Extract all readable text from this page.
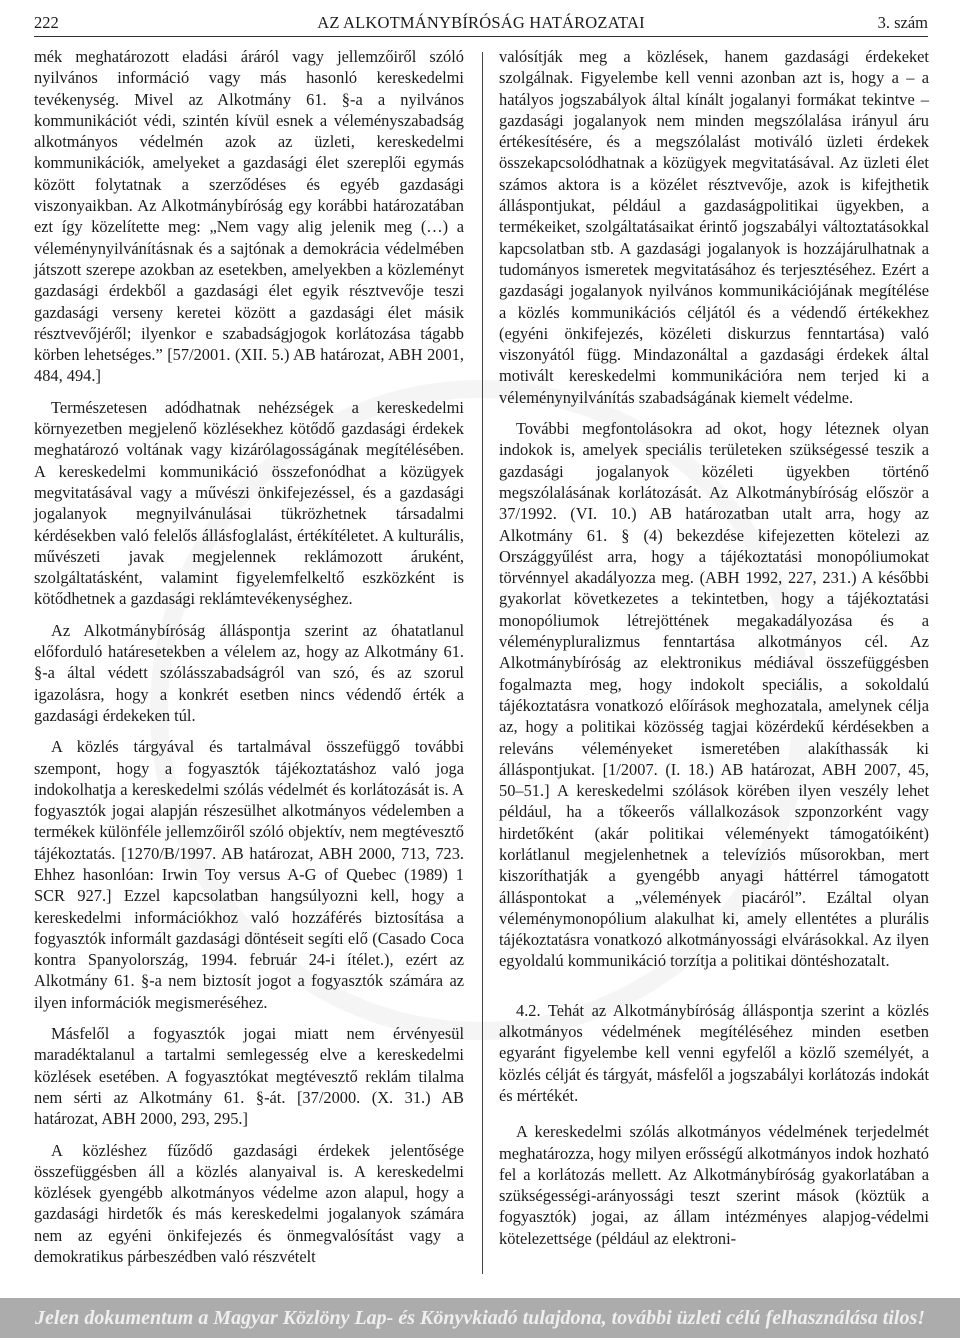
222	AZ ALKOTMÁNYBÍRÓSÁG HATÁROZATAI	3. szám

mék meghatározott eladási áráról vagy jellemzőiről szóló nyilvános információ vagy más hasonló kereskedelmi tevékenység. Mivel az Alkotmány 61. §-a a nyilvános kommunikációt védi, szintén kívül esnek a véleményszabadság alkotmányos védelmén azok az üzleti, kereskedelmi kommunikációk, amelyeket a gazdasági élet szereplői egymás között folytatnak a szerződéses és egyéb gazdasági viszonyaikban. Az Alkotmánybíróság egy korábbi határozatában ezt így közelítette meg: „Nem vagy alig jelenik meg (…) a véleménynyilvánításnak és a sajtónak a demokrácia védelmében játszott szerepe azokban az esetekben, amelyekben a közleményt gazdasági érdekből a gazdasági élet egyik résztvevője teszi gazdasági verseny keretei között a gazdasági élet másik résztvevőjéről; ilyenkor e szabadságjogok korlátozása tágabb körben lehetséges.” [57/2001. (XII. 5.) AB határozat, ABH 2001, 484, 494.]

Természetesen adódhatnak nehézségek a kereskedelmi környezetben megjelenő közlésekhez kötődő gazdasági érdekek meghatározó voltának vagy kizárólagosságának megítélésében. A kereskedelmi kommunikáció összefonódhat a közügyek megvitatásával vagy a művészi önkifejezéssel, és a gazdasági jogalanyok megnyilvánulásai tükrözhetnek társadalmi kérdésekben való felelős állásfoglalást, értékítéletet. A kulturális, művészeti javak megjelennek reklámozott áruként, szolgáltatásként, valamint figyelemfelkeltő eszközként is kötődhetnek a gazdasági reklámtevékenységhez.

Az Alkotmánybíróság álláspontja szerint az óhatatlanul előforduló határesetekben a vélelem az, hogy az Alkotmány 61. §-a által védett szólásszabadságról van szó, és az szorul igazolásra, hogy a konkrét esetben nincs védendő érték a gazdasági érdekeken túl.

A közlés tárgyával és tartalmával összefüggő további szempont, hogy a fogyasztók tájékoztatáshoz való joga indokolhatja a kereskedelmi szólás védelmét és korlátozását is. A fogyasztók jogai alapján részesülhet alkotmányos védelemben a termékek különféle jellemzőiről szóló objektív, nem megtévesztő tájékoztatás. [1270/B/1997. AB határozat, ABH 2000, 713, 723. Ehhez hasonlóan: Irwin Toy versus A-G of Quebec (1989) 1 SCR 927.] Ezzel kapcsolatban hangsúlyozni kell, hogy a kereskedelmi információkhoz való hozzáférés biztosítása a fogyasztók informált gazdasági döntéseit segíti elő (Casado Coca kontra Spanyolország, 1994. február 24-i ítélet.), ezért az Alkotmány 61. §-a nem biztosít jogot a fogyasztók számára az ilyen információk megismeréséhez.

Másfelől a fogyasztók jogai miatt nem érvényesül maradéktalanul a tartalmi semlegesség elve a kereskedelmi közlések esetében. A fogyasztókat megtévesztő reklám tilalma nem sérti az Alkotmány 61. §-át. [37/2000. (X. 31.) AB határozat, ABH 2000, 293, 295.]

A közléshez fűződő gazdasági érdekek jelentősége összefüggésben áll a közlés alanyaival is. A kereskedelmi közlések gyengébb alkotmányos védelme azon alapul, hogy a gazdasági hirdetők és más kereskedelmi jogalanyok számára nem az egyéni önkifejezés és önmegvalósítást vagy a demokratikus párbeszédben való részvételt

valósítják meg a közlések, hanem gazdasági érdekeket szolgálnak. Figyelembe kell venni azonban azt is, hogy a – a hatályos jogszabályok által kínált jogalanyi formákat tekintve – gazdasági jogalanyok nem minden megszólalása irányul áru értékesítésére, és a megszólalást motiváló üzleti érdekek összekapcsolódhatnak a közügyek megvitatásával. Az üzleti élet számos aktora is a közélet résztvevője, azok is kifejthetik álláspontjukat, például a gazdaságpolitikai ügyekben, a termékeiket, szolgáltatásaikat érintő jogszabályi változtatásokkal kapcsolatban stb. A gazdasági jogalanyok is hozzájárulhatnak a tudományos ismeretek megvitatásához és terjesztéséhez. Ezért a gazdasági jogalanyok nyilvános kommunikációjának megítélése a közlés kommunikációs céljától és a védendő értékekhez (egyéni önkifejezés, közéleti diskurzus fenntartása) való viszonyától függ. Mindazonáltal a gazdasági érdekek által motivált kereskedelmi kommunikációra nem terjed ki a véleménynyilvánítás szabadságának kiemelt védelme.

További megfontolásokra ad okot, hogy léteznek olyan indokok is, amelyek speciális területeken szükségessé teszik a gazdasági jogalanyok közéleti ügyekben történő megszólalásának korlátozását. Az Alkotmánybíróság először a 37/1992. (VI. 10.) AB határozatban utalt arra, hogy az Alkotmány 61. § (4) bekezdése kifejezetten kötelezi az Országgyűlést arra, hogy a tájékoztatási monopóliumokat törvénnyel akadályozza meg. (ABH 1992, 227, 231.) A későbbi gyakorlat következetes a tekintetben, hogy a tájékoztatási monopóliumok létrejöttének megakadályozása és a véleménypluralizmus fenntartása alkotmányos cél. Az Alkotmánybíróság az elektronikus médiával összefüggésben fogalmazta meg, hogy indokolt speciális, a sokoldalú tájékoztatásra vonatkozó előírások meghozatala, amelynek célja az, hogy a politikai közösség tagjai közérdekű kérdésekben a releváns véleményeket ismeretében alakíthassák ki álláspontjukat. [1/2007. (I. 18.) AB határozat, ABH 2007, 45, 50–51.] A kereskedelmi szólások körében ilyen veszély lehet például, ha a tőkeerős vállalkozások szponzorként vagy hirdetőként (akár politikai véleményekt támogatóiként) korlátlanul megjelenhetnek a televíziós műsorokban, mert kiszoríthatják a gyengébb anyagi háttérrel támogatott álláspontokat a „vélemények piacáról”. Ezáltal olyan véleménymonopólium alakulhat ki, amely ellentétes a plurális tájékoztatásra vonatkozó alkotmányossági elvárásokkal. Az ilyen egyoldalú kommunikáció torzítja a politikai döntéshozatalt.

4.2. Tehát az Alkotmánybíróság álláspontja szerint a közlés alkotmányos védelmének megítéléséhez minden esetben egyaránt figyelembe kell venni egyfelől a közlő személyét, a közlés célját és tárgyát, másfelől a jogszabályi korlátozás indokát és mértékét.

A kereskedelmi szólás alkotmányos védelmének terjedelmét meghatározza, hogy milyen erősségű alkotmányos indok hozható fel a korlátozás mellett. Az Alkotmánybíróság gyakorlatában a szükségességi-arányossági teszt szerint mások (köztük a fogyasztók) jogai, az állam intézményes alapjog-védelmi kötelezettsége (például az elektroni-

Jelen dokumentum a Magyar Közlöny Lap- és Könyvkiadó tulajdona, további üzleti célú felhasználása tilos!
